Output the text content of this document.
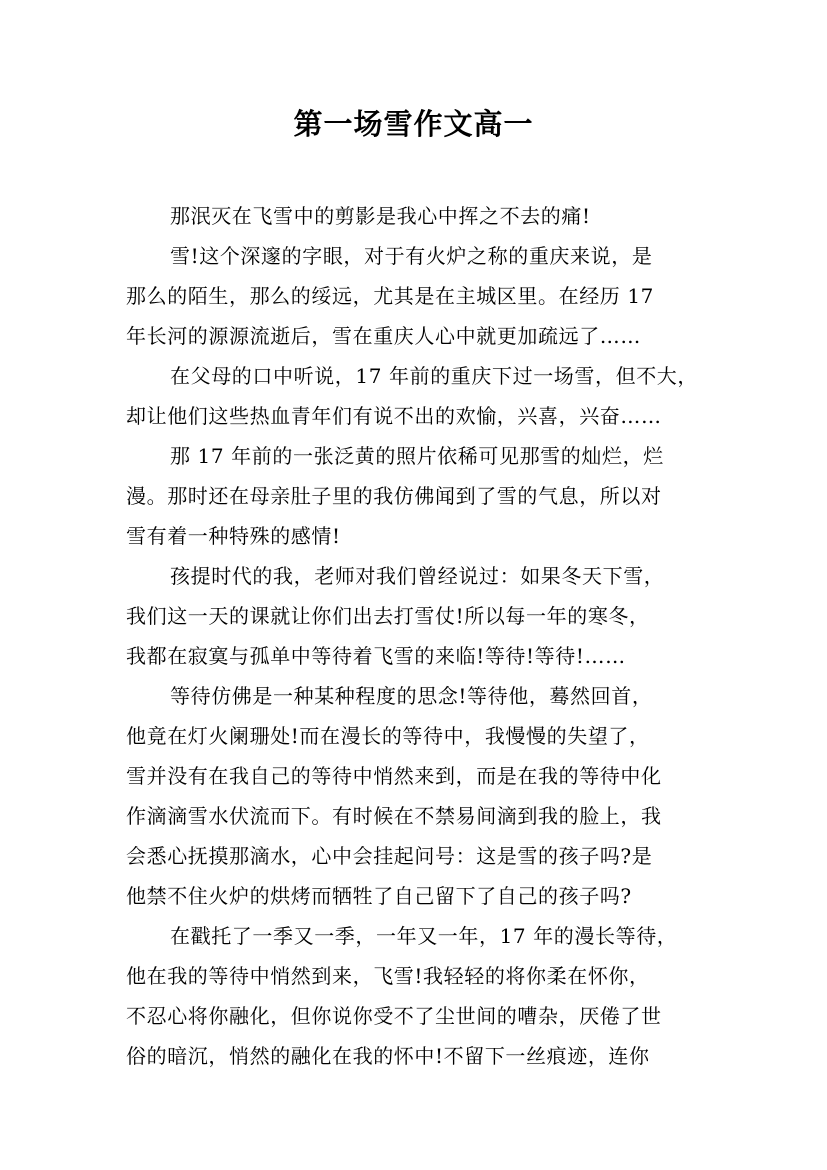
第一场雪作文高一
那泯灭在飞雪中的剪影是我心中挥之不去的痛!
雪!这个深邃的字眼，对于有火炉之称的重庆来说，是
那么的陌生，那么的绥远，尤其是在主城区里。在经历 17
年长河的源源流逝后，雪在重庆人心中就更加疏远了……
在父母的口中听说，17 年前的重庆下过一场雪，但不大，
却让他们这些热血青年们有说不出的欢愉，兴喜，兴奋……
那 17 年前的一张泛黄的照片依稀可见那雪的灿烂，烂
漫。那时还在母亲肚子里的我仿佛闻到了雪的气息，所以对
雪有着一种特殊的感情!
孩提时代的我，老师对我们曾经说过：如果冬天下雪，
我们这一天的课就让你们出去打雪仗!所以每一年的寒冬，
我都在寂寞与孤单中等待着飞雪的来临!等待!等待!……
等待仿佛是一种某种程度的思念!等待他，蓦然回首，
他竟在灯火阑珊处!而在漫长的等待中，我慢慢的失望了，
雪并没有在我自己的等待中悄然来到，而是在我的等待中化
作滴滴雪水伏流而下。有时候在不禁易间滴到我的脸上，我
会悉心抚摸那滴水，心中会挂起问号：这是雪的孩子吗?是
他禁不住火炉的烘烤而牺牲了自己留下了自己的孩子吗?
在戳托了一季又一季，一年又一年，17 年的漫长等待，
他在我的等待中悄然到来，飞雪!我轻轻的将你柔在怀你，
不忍心将你融化，但你说你受不了尘世间的嘈杂，厌倦了世
俗的暗沉，悄然的融化在我的怀中!不留下一丝痕迹，连你
